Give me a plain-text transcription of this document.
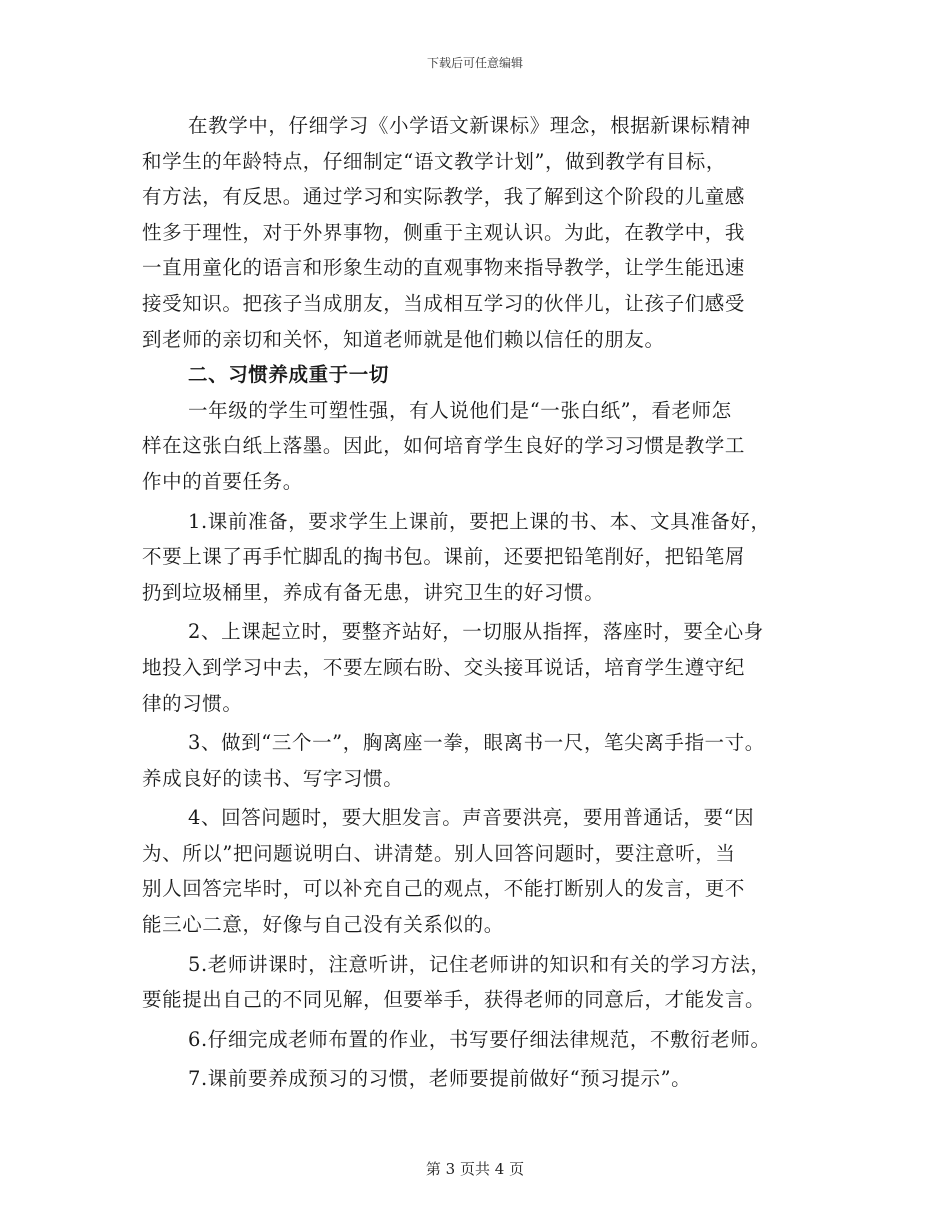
下载后可任意编辑

在教学中，仔细学习《小学语文新课标》理念，根据新课标精神
和学生的年龄特点，仔细制定“语文教学计划”，做到教学有目标，
有方法，有反思。通过学习和实际教学，我了解到这个阶段的儿童感
性多于理性，对于外界事物，侧重于主观认识。为此，在教学中，我
一直用童化的语言和形象生动的直观事物来指导教学，让学生能迅速
接受知识。把孩子当成朋友，当成相互学习的伙伴儿，让孩子们感受
到老师的亲切和关怀，知道老师就是他们赖以信任的朋友。

二、习惯养成重于一切

一年级的学生可塑性强，有人说他们是“一张白纸”，看老师怎
样在这张白纸上落墨。因此，如何培育学生良好的学习习惯是教学工
作中的首要任务。

1.课前准备，要求学生上课前，要把上课的书、本、文具准备好，
不要上课了再手忙脚乱的掏书包。课前，还要把铅笔削好，把铅笔屑
扔到垃圾桶里，养成有备无患，讲究卫生的好习惯。

2、上课起立时，要整齐站好，一切服从指挥，落座时，要全心身
地投入到学习中去，不要左顾右盼、交头接耳说话，培育学生遵守纪
律的习惯。

3、做到“三个一”，胸离座一拳，眼离书一尺，笔尖离手指一寸。
养成良好的读书、写字习惯。

4、回答问题时，要大胆发言。声音要洪亮，要用普通话，要“因
为、所以”把问题说明白、讲清楚。别人回答问题时，要注意听，当
别人回答完毕时，可以补充自己的观点，不能打断别人的发言，更不
能三心二意，好像与自己没有关系似的。

5.老师讲课时，注意听讲，记住老师讲的知识和有关的学习方法，
要能提出自己的不同见解，但要举手，获得老师的同意后，才能发言。

6.仔细完成老师布置的作业，书写要仔细法律规范，不敷衍老师。

7.课前要养成预习的习惯，老师要提前做好“预习提示”。

第 3 页共 4 页
